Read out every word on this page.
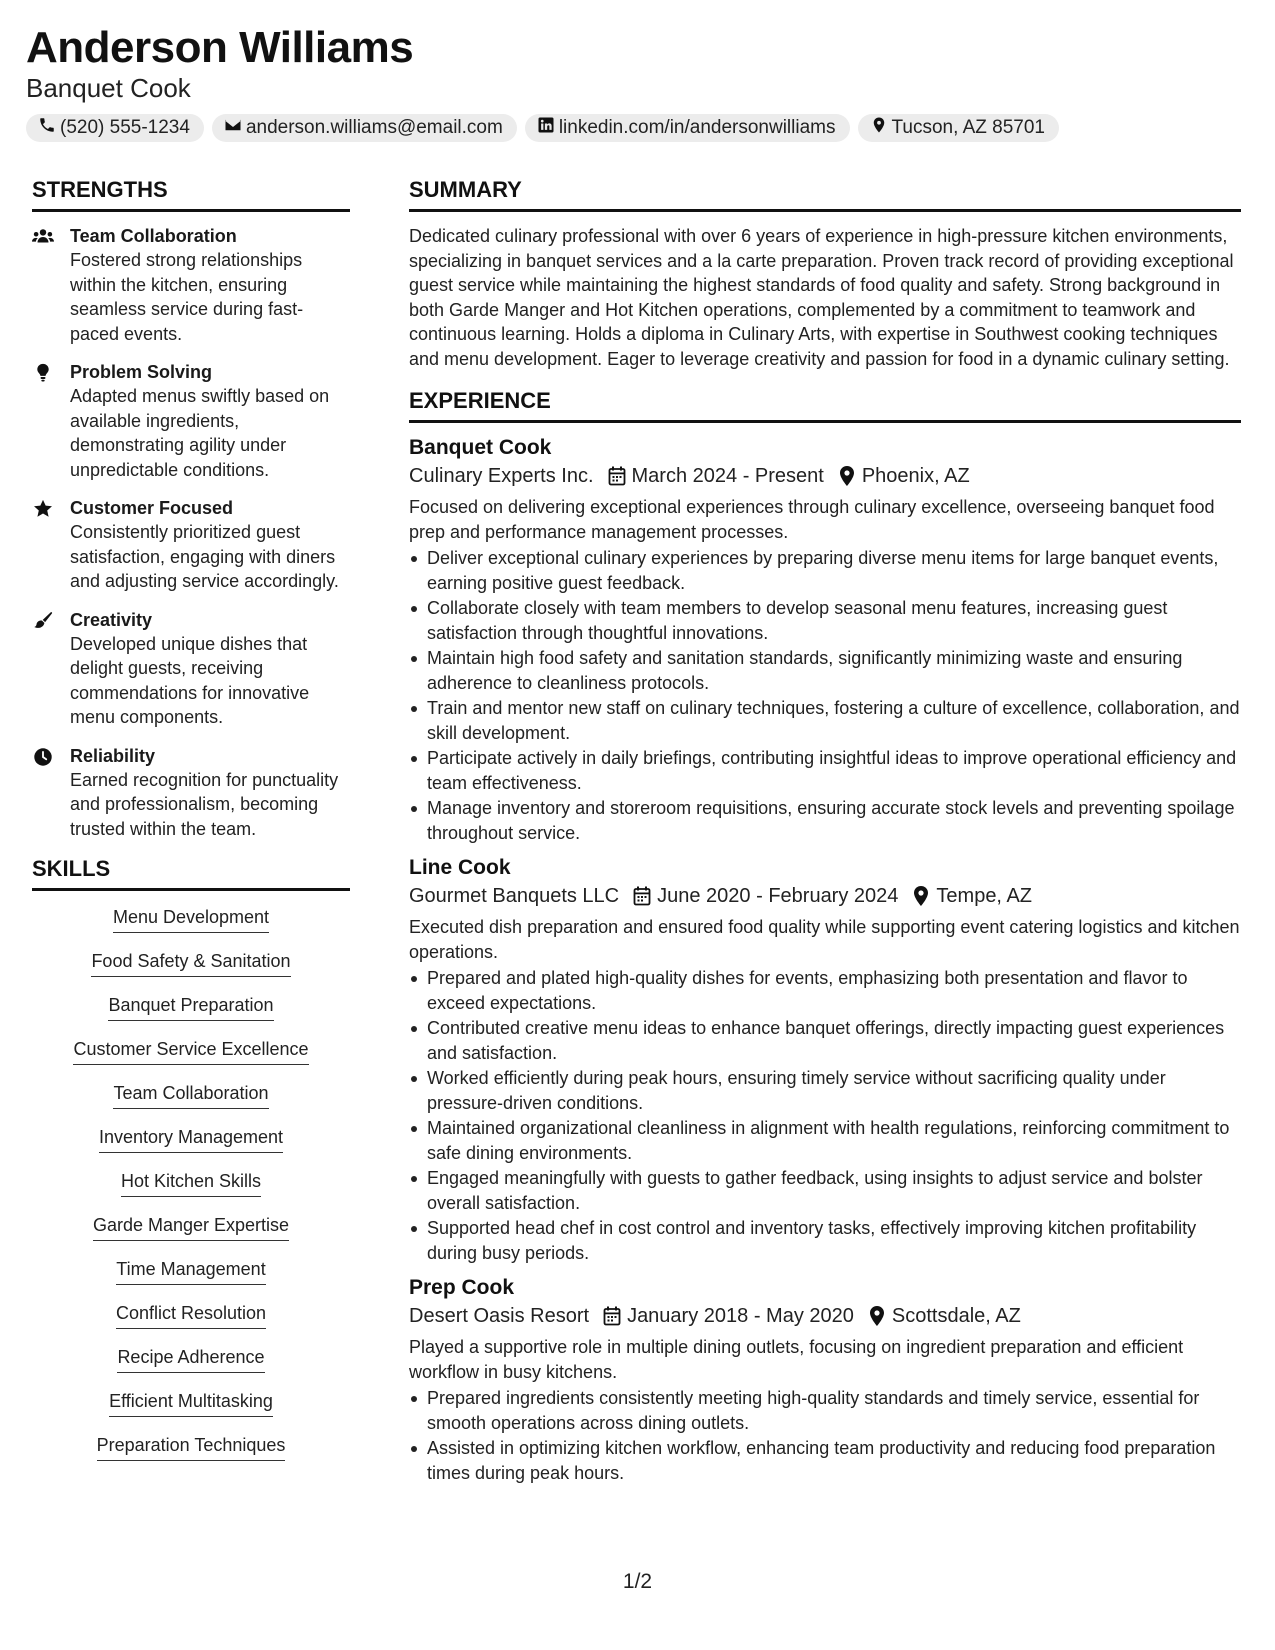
Anderson Williams
Banquet Cook
(520) 555-1234	anderson.williams@email.com	linkedin.com/in/andersonwilliams	Tucson, AZ 85701
STRENGTHS
Team Collaboration
Fostered strong relationships within the kitchen, ensuring seamless service during fast-paced events.
Problem Solving
Adapted menus swiftly based on available ingredients, demonstrating agility under unpredictable conditions.
Customer Focused
Consistently prioritized guest satisfaction, engaging with diners and adjusting service accordingly.
Creativity
Developed unique dishes that delight guests, receiving commendations for innovative menu components.
Reliability
Earned recognition for punctuality and professionalism, becoming trusted within the team.
SKILLS
Menu Development
Food Safety & Sanitation
Banquet Preparation
Customer Service Excellence
Team Collaboration
Inventory Management
Hot Kitchen Skills
Garde Manger Expertise
Time Management
Conflict Resolution
Recipe Adherence
Efficient Multitasking
Preparation Techniques
SUMMARY
Dedicated culinary professional with over 6 years of experience in high-pressure kitchen environments, specializing in banquet services and a la carte preparation. Proven track record of providing exceptional guest service while maintaining the highest standards of food quality and safety. Strong background in both Garde Manger and Hot Kitchen operations, complemented by a commitment to teamwork and continuous learning. Holds a diploma in Culinary Arts, with expertise in Southwest cooking techniques and menu development. Eager to leverage creativity and passion for food in a dynamic culinary setting.
EXPERIENCE
Banquet Cook
Culinary Experts Inc. March 2024 - Present Phoenix, AZ
Focused on delivering exceptional experiences through culinary excellence, overseeing banquet food prep and performance management processes.
Deliver exceptional culinary experiences by preparing diverse menu items for large banquet events, earning positive guest feedback.
Collaborate closely with team members to develop seasonal menu features, increasing guest satisfaction through thoughtful innovations.
Maintain high food safety and sanitation standards, significantly minimizing waste and ensuring adherence to cleanliness protocols.
Train and mentor new staff on culinary techniques, fostering a culture of excellence, collaboration, and skill development.
Participate actively in daily briefings, contributing insightful ideas to improve operational efficiency and team effectiveness.
Manage inventory and storeroom requisitions, ensuring accurate stock levels and preventing spoilage throughout service.
Line Cook
Gourmet Banquets LLC June 2020 - February 2024 Tempe, AZ
Executed dish preparation and ensured food quality while supporting event catering logistics and kitchen operations.
Prepared and plated high-quality dishes for events, emphasizing both presentation and flavor to exceed expectations.
Contributed creative menu ideas to enhance banquet offerings, directly impacting guest experiences and satisfaction.
Worked efficiently during peak hours, ensuring timely service without sacrificing quality under pressure-driven conditions.
Maintained organizational cleanliness in alignment with health regulations, reinforcing commitment to safe dining environments.
Engaged meaningfully with guests to gather feedback, using insights to adjust service and bolster overall satisfaction.
Supported head chef in cost control and inventory tasks, effectively improving kitchen profitability during busy periods.
Prep Cook
Desert Oasis Resort January 2018 - May 2020 Scottsdale, AZ
Played a supportive role in multiple dining outlets, focusing on ingredient preparation and efficient workflow in busy kitchens.
Prepared ingredients consistently meeting high-quality standards and timely service, essential for smooth operations across dining outlets.
Assisted in optimizing kitchen workflow, enhancing team productivity and reducing food preparation times during peak hours.
1/2
